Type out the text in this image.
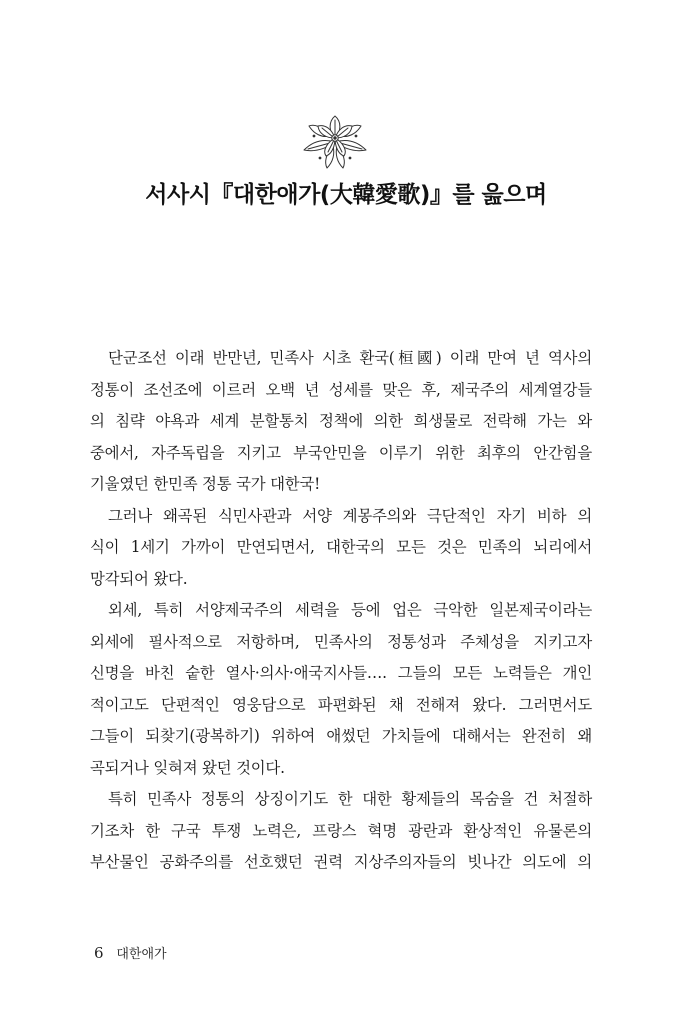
서사시『대한애가(大韓愛歌)』를 읊으며
단군조선 이래 반만년, 민족사 시초 환국(桓國) 이래 만여 년 역사의
정통이 조선조에 이르러 오백 년 성세를 맞은 후, 제국주의 세계열강들
의 침략 야욕과 세계 분할통치 정책에 의한 희생물로 전락해 가는 와
중에서, 자주독립을 지키고 부국안민을 이루기 위한 최후의 안간힘을
기울였던 한민족 정통 국가 대한국!
그러나 왜곡된 식민사관과 서양 계몽주의와 극단적인 자기 비하 의
식이 1세기 가까이 만연되면서, 대한국의 모든 것은 민족의 뇌리에서
망각되어 왔다.
외세, 특히 서양제국주의 세력을 등에 업은 극악한 일본제국이라는
외세에 필사적으로 저항하며, 민족사의 정통성과 주체성을 지키고자
신명을 바친 숱한 열사·의사·애국지사들…. 그들의 모든 노력들은 개인
적이고도 단편적인 영웅담으로 파편화된 채 전해져 왔다. 그러면서도
그들이 되찾기(광복하기) 위하여 애썼던 가치들에 대해서는 완전히 왜
곡되거나 잊혀져 왔던 것이다.
특히 민족사 정통의 상징이기도 한 대한 황제들의 목숨을 건 처절하
기조차 한 구국 투쟁 노력은, 프랑스 혁명 광란과 환상적인 유물론의
부산물인 공화주의를 선호했던 권력 지상주의자들의 빗나간 의도에 의
6 대한애가
